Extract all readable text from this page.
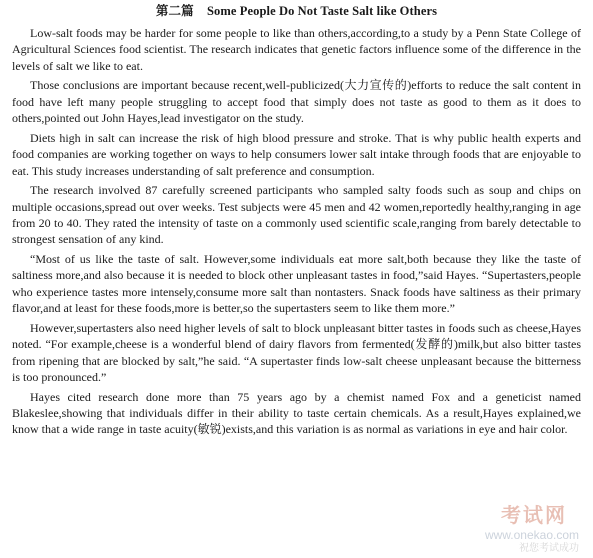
第二篇 Some People Do Not Taste Salt like Others

Low-salt foods may be harder for some people to like than others,according,to a study by a Penn State College of Agricultural Sciences food scientist. The research indicates that genetic factors influence some of the difference in the levels of salt we like to eat.

Those conclusions are important because recent,well-publicized(大力宣传的)efforts to reduce the salt content in food have left many people struggling to accept food that simply does not taste as good to them as it does to others,pointed out John Hayes,lead investigator on the study.

Diets high in salt can increase the risk of high blood pressure and stroke. That is why public health experts and food companies are working together on ways to help consumers lower salt intake through foods that are enjoyable to eat. This study increases understanding of salt preference and consumption.

The research involved 87 carefully screened participants who sampled salty foods such as soup and chips on multiple occasions,spread out over weeks. Test subjects were 45 men and 42 women,reportedly healthy,ranging in age from 20 to 40. They rated the intensity of taste on a commonly used scientific scale,ranging from barely detectable to strongest sensation of any kind.

“Most of us like the taste of salt. However,some individuals eat more salt,both because they like the taste of saltiness more,and also because it is needed to block other unpleasant tastes in food,”said Hayes. “Supertasters,people who experience tastes more intensely,consume more salt than nontasters. Snack foods have saltiness as their primary flavor,and at least for these foods,more is better,so the supertasters seem to like them more.”

However,supertasters also need higher levels of salt to block unpleasant bitter tastes in foods such as cheese,Hayes noted. “For example,cheese is a wonderful blend of dairy flavors from fermented(发酵的)milk,but also bitter tastes from ripening that are blocked by salt,”he said. “A supertaster finds low-salt cheese unpleasant because the bitterness is too pronounced.”

Hayes cited research done more than 75 years ago by a chemist named Fox and a geneticist named Blakeslee,showing that individuals differ in their ability to taste certain chemicals. As a result,Hayes explained,we know that a wide range in taste acuity(敏锐)exists,and this variation is as normal as variations in eye and hair color.

考试网
www.onekao.com
祝您考试成功
